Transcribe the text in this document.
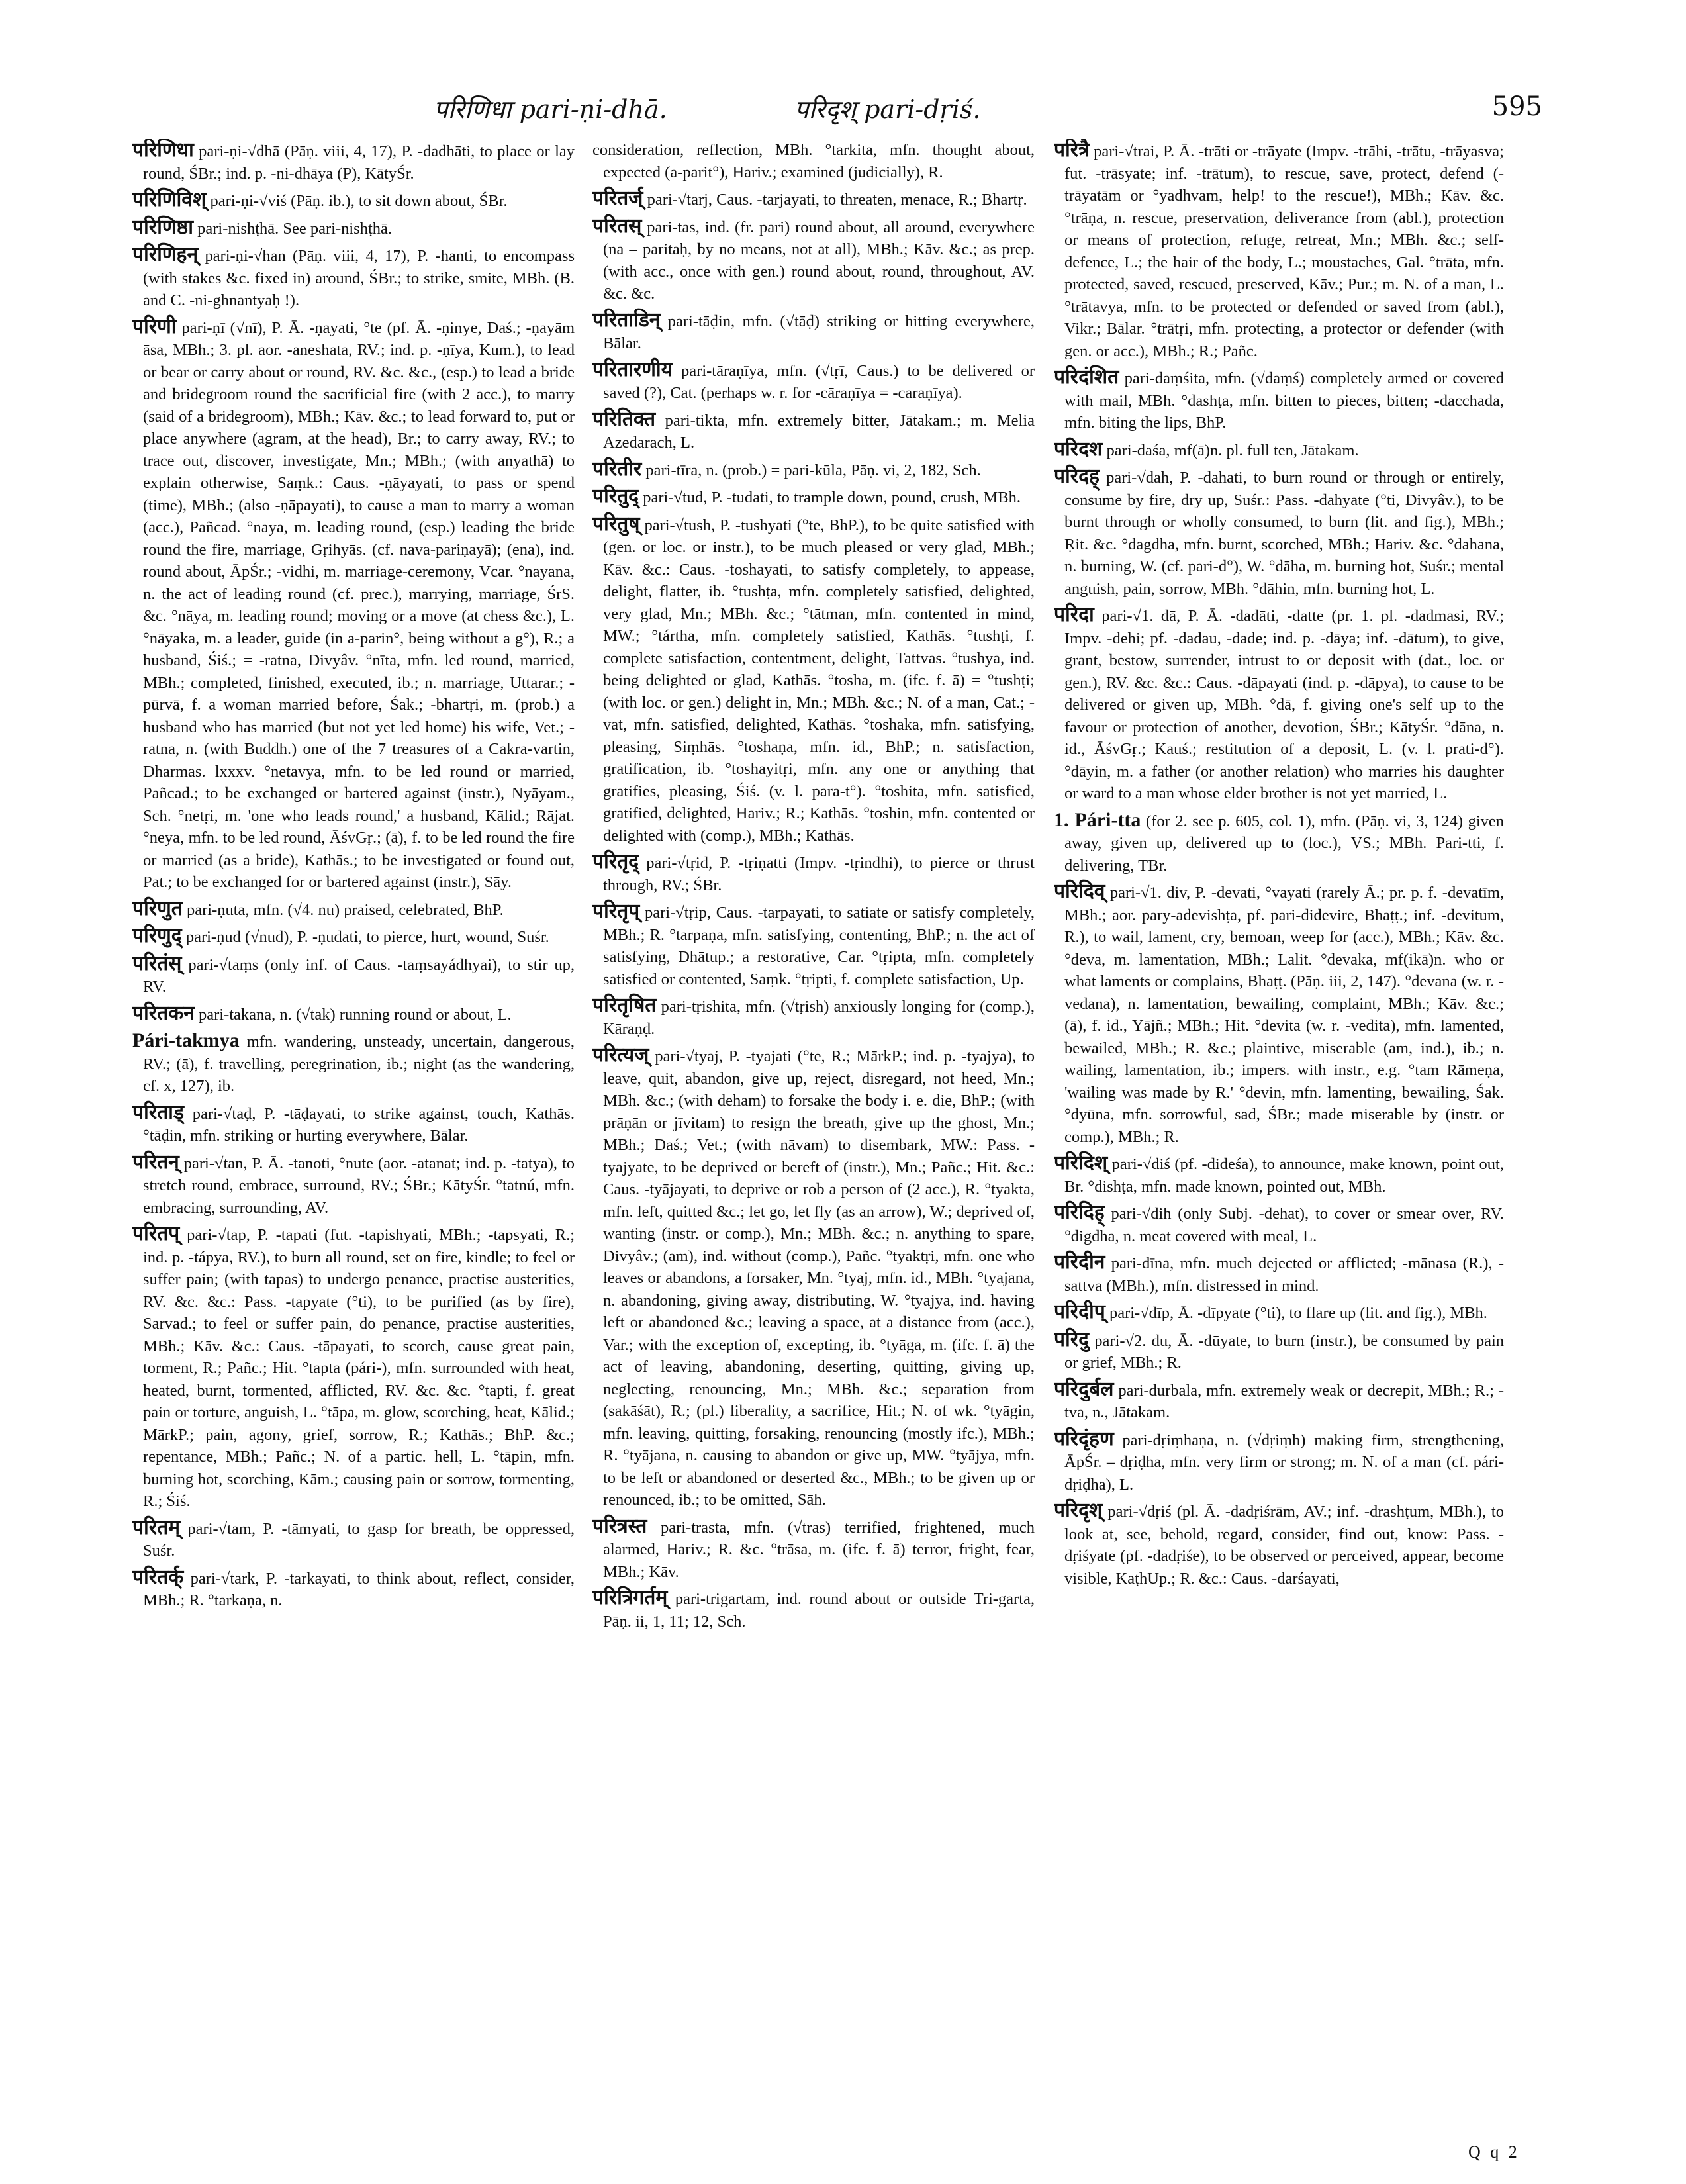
परिणिधा pari-ṇi-dhā.	परिदृश् pari-dṛiś.	595

परिणिधा pari-ṇi-√dhā (Pāṇ. viii, 4, 17), P. -dadhāti, to place or lay round, ŚBr.; ind. p. -ni-dhāya (P), KātyŚr.

परिणिविश् pari-ṇi-√viś (Pāṇ. ib.), to sit down about, ŚBr.

परिणिष्ठा pari-nishṭhā. See pari-nishṭhā.

परिणिहन् pari-ṇi-√han (Pāṇ. viii, 4, 17), P. -hanti, to encompass (with stakes &c. fixed in) around, ŚBr.; to strike, smite, MBh. (B. and C. -ni-ghnantyaḥ !).

परिणी pari-ṇī (√nī), P. Ā. -ṇayati, °te (pf. Ā. -ṇinye, Daś.; -ṇayām āsa, MBh.; 3. pl. aor. -aneshata, RV.; ind. p. -ṇīya, Kum.), to lead or bear or carry about or round, RV. &c. &c., (esp.) to lead a bride and bridegroom round the sacrificial fire (with 2 acc.), to marry (said of a bridegroom), MBh.; Kāv. &c.; to lead forward to, put or place anywhere (agram, at the head), Br.; to carry away, RV.; to trace out, discover, investigate, Mn.; MBh.; (with anyathā) to explain otherwise, Saṃk.: Caus. -ṇāyayati, to pass or spend (time), MBh.; (also -ṇāpayati), to cause a man to marry a woman (acc.), Pañcad. °naya, m. leading round, (esp.) leading the bride round the fire, marriage, Gṛihyās. (cf. nava-pariṇayā); (ena), ind. round about, ĀpŚr.; -vidhi, m. marriage-ceremony, Vcar. °nayana, n. the act of leading round (cf. prec.), marrying, marriage, ŚrS. &c. °nāya, m. leading round; moving or a move (at chess &c.), L. °nāyaka, m. a leader, guide (in a-parin°, being without a g°), R.; a husband, Śiś.; = -ratna, Divyâv. °nīta, mfn. led round, married, MBh.; completed, finished, executed, ib.; n. marriage, Uttarar.; -pūrvā, f. a woman married before, Śak.; -bhartṛi, m. (prob.) a husband who has married (but not yet led home) his wife, Vet.; -ratna, n. (with Buddh.) one of the 7 treasures of a Cakra-vartin, Dharmas. lxxxv. °netavya, mfn. to be led round or married, Pañcad.; to be exchanged or bartered against (instr.), Nyāyam., Sch. °netṛi, m. 'one who leads round,' a husband, Kālid.; Rājat. °neya, mfn. to be led round, ĀśvGṛ.; (ā), f. to be led round the fire or married (as a bride), Kathās.; to be investigated or found out, Pat.; to be exchanged for or bartered against (instr.), Sāy.

परिणुत pari-ṇuta, mfn. (√4. nu) praised, celebrated, BhP.

परिणुद् pari-ṇud (√nud), P. -ṇudati, to pierce, hurt, wound, Suśr.

परितंस् pari-√taṃs (only inf. of Caus. -taṃsayádhyai), to stir up, RV.

परितकन pari-takana, n. (√tak) running round or about, L.

Pári-takmya mfn. wandering, unsteady, uncertain, dangerous, RV.; (ā), f. travelling, peregrination, ib.; night (as the wandering, cf. x, 127), ib.

परिताड् pari-√taḍ, P. -tāḍayati, to strike against, touch, Kathās. °tāḍin, mfn. striking or hurting everywhere, Bālar.

परितन् pari-√tan, P. Ā. -tanoti, °nute (aor. -atanat; ind. p. -tatya), to stretch round, embrace, surround, RV.; ŚBr.; KātyŚr. °tatnú, mfn. embracing, surrounding, AV.

परितप् pari-√tap, P. -tapati (fut. -tapishyati, MBh.; -tapsyati, R.; ind. p. -tápya, RV.), to burn all round, set on fire, kindle; to feel or suffer pain; (with tapas) to undergo penance, practise austerities, RV. &c. &c.: Pass. -tapyate (°ti), to be purified (as by fire), Sarvad.; to feel or suffer pain, do penance, practise austerities, MBh.; Kāv. &c.: Caus. -tāpayati, to scorch, cause great pain, torment, R.; Pañc.; Hit. °tapta (pári-), mfn. surrounded with heat, heated, burnt, tormented, afflicted, RV. &c. &c. °tapti, f. great pain or torture, anguish, L. °tāpa, m. glow, scorching, heat, Kālid.; MārkP.; pain, agony, grief, sorrow, R.; Kathās.; BhP. &c.; repentance, MBh.; Pañc.; N. of a partic. hell, L. °tāpin, mfn. burning hot, scorching, Kām.; causing pain or sorrow, tormenting, R.; Śiś.

परितम् pari-√tam, P. -tāmyati, to gasp for breath, be oppressed, Suśr.

परितर्क् pari-√tark, P. -tarkayati, to think about, reflect, consider, MBh.; R. °tarkaṇa, n.

consideration, reflection, MBh. °tarkita, mfn. thought about, expected (a-parit°), Hariv.; examined (judicially), R.

परितर्ज् pari-√tarj, Caus. -tarjayati, to threaten, menace, R.; Bhartṛ.

परितस् pari-tas, ind. (fr. pari) round about, all around, everywhere (na – paritaḥ, by no means, not at all), MBh.; Kāv. &c.; as prep. (with acc., once with gen.) round about, round, throughout, AV. &c. &c.

परिताडिन् pari-tāḍin, mfn. (√tāḍ) striking or hitting everywhere, Bālar.

परितारणीय pari-tāraṇīya, mfn. (√tṛī, Caus.) to be delivered or saved (?), Cat. (perhaps w. r. for -cāraṇīya = -caraṇīya).

परितिक्त pari-tikta, mfn. extremely bitter, Jātakam.; m. Melia Azedarach, L.

परितीर pari-tīra, n. (prob.) = pari-kūla, Pāṇ. vi, 2, 182, Sch.

परितुद् pari-√tud, P. -tudati, to trample down, pound, crush, MBh.

परितुष् pari-√tush, P. -tushyati (°te, BhP.), to be quite satisfied with (gen. or loc. or instr.), to be much pleased or very glad, MBh.; Kāv. &c.: Caus. -toshayati, to satisfy completely, to appease, delight, flatter, ib. °tushṭa, mfn. completely satisfied, delighted, very glad, Mn.; MBh. &c.; °tātman, mfn. contented in mind, MW.; °tártha, mfn. completely satisfied, Kathās. °tushṭi, f. complete satisfaction, contentment, delight, Tattvas. °tushya, ind. being delighted or glad, Kathās. °tosha, m. (ifc. f. ā) = °tushṭi; (with loc. or gen.) delight in, Mn.; MBh. &c.; N. of a man, Cat.; -vat, mfn. satisfied, delighted, Kathās. °toshaka, mfn. satisfying, pleasing, Siṃhās. °toshaṇa, mfn. id., BhP.; n. satisfaction, gratification, ib. °toshayitṛi, mfn. any one or anything that gratifies, pleasing, Śiś. (v. l. para-t°). °toshita, mfn. satisfied, gratified, delighted, Hariv.; R.; Kathās. °toshin, mfn. contented or delighted with (comp.), MBh.; Kathās.

परितृद् pari-√tṛid, P. -tṛiṇatti (Impv. -tṛindhi), to pierce or thrust through, RV.; ŚBr.

परितृप् pari-√tṛip, Caus. -tarpayati, to satiate or satisfy completely, MBh.; R. °tarpaṇa, mfn. satisfying, contenting, BhP.; n. the act of satisfying, Dhātup.; a restorative, Car. °tṛipta, mfn. completely satisfied or contented, Saṃk. °tṛipti, f. complete satisfaction, Up.

परितृषित pari-tṛishita, mfn. (√tṛish) anxiously longing for (comp.), Kāraṇḍ.

परित्यज् pari-√tyaj, P. -tyajati (°te, R.; MārkP.; ind. p. -tyajya), to leave, quit, abandon, give up, reject, disregard, not heed, Mn.; MBh. &c.; (with deham) to forsake the body i. e. die, BhP.; (with prāṇān or jīvitam) to resign the breath, give up the ghost, Mn.; MBh.; Daś.; Vet.; (with nāvam) to disembark, MW.: Pass. -tyajyate, to be deprived or bereft of (instr.), Mn.; Pañc.; Hit. &c.: Caus. -tyājayati, to deprive or rob a person of (2 acc.), R. °tyakta, mfn. left, quitted &c.; let go, let fly (as an arrow), W.; deprived of, wanting (instr. or comp.), Mn.; MBh. &c.; n. anything to spare, Divyâv.; (am), ind. without (comp.), Pañc. °tyaktṛi, mfn. one who leaves or abandons, a forsaker, Mn. °tyaj, mfn. id., MBh. °tyajana, n. abandoning, giving away, distributing, W. °tyajya, ind. having left or abandoned &c.; leaving a space, at a distance from (acc.), Var.; with the exception of, excepting, ib. °tyāga, m. (ifc. f. ā) the act of leaving, abandoning, deserting, quitting, giving up, neglecting, renouncing, Mn.; MBh. &c.; separation from (sakāśāt), R.; (pl.) liberality, a sacrifice, Hit.; N. of wk. °tyāgin, mfn. leaving, quitting, forsaking, renouncing (mostly ifc.), MBh.; R. °tyājana, n. causing to abandon or give up, MW. °tyājya, mfn. to be left or abandoned or deserted &c., MBh.; to be given up or renounced, ib.; to be omitted, Sāh.

परित्रस्त pari-trasta, mfn. (√tras) terrified, frightened, much alarmed, Hariv.; R. &c. °trāsa, m. (ifc. f. ā) terror, fright, fear, MBh.; Kāv.

परित्रिगर्तम् pari-trigartam, ind. round about or outside Tri-garta, Pāṇ. ii, 1, 11; 12, Sch.

परित्रै pari-√trai, P. Ā. -trāti or -trāyate (Impv. -trāhi, -trātu, -trāyasva; fut. -trāsyate; inf. -trātum), to rescue, save, protect, defend (-trāyatām or °yadhvam, help! to the rescue!), MBh.; Kāv. &c. °trāṇa, n. rescue, preservation, deliverance from (abl.), protection or means of protection, refuge, retreat, Mn.; MBh. &c.; self-defence, L.; the hair of the body, L.; moustaches, Gal. °trāta, mfn. protected, saved, rescued, preserved, Kāv.; Pur.; m. N. of a man, L. °trātavya, mfn. to be protected or defended or saved from (abl.), Vikr.; Bālar. °trātṛi, mfn. protecting, a protector or defender (with gen. or acc.), MBh.; R.; Pañc.

परिदंशित pari-daṃśita, mfn. (√daṃś) completely armed or covered with mail, MBh. °dashṭa, mfn. bitten to pieces, bitten; -dacchada, mfn. biting the lips, BhP.

परिदश pari-daśa, mf(ā)n. pl. full ten, Jātakam.

परिदह् pari-√dah, P. -dahati, to burn round or through or entirely, consume by fire, dry up, Suśr.: Pass. -dahyate (°ti, Divyâv.), to be burnt through or wholly consumed, to burn (lit. and fig.), MBh.; Ṛit. &c. °dagdha, mfn. burnt, scorched, MBh.; Hariv. &c. °dahana, n. burning, W. (cf. pari-d°), W. °dāha, m. burning hot, Suśr.; mental anguish, pain, sorrow, MBh. °dāhin, mfn. burning hot, L.

परिदा pari-√1. dā, P. Ā. -dadāti, -datte (pr. 1. pl. -dadmasi, RV.; Impv. -dehi; pf. -dadau, -dade; ind. p. -dāya; inf. -dātum), to give, grant, bestow, surrender, intrust to or deposit with (dat., loc. or gen.), RV. &c. &c.: Caus. -dāpayati (ind. p. -dāpya), to cause to be delivered or given up, MBh. °dā, f. giving one's self up to the favour or protection of another, devotion, ŚBr.; KātyŚr. °dāna, n. id., ĀśvGṛ.; Kauś.; restitution of a deposit, L. (v. l. prati-d°). °dāyin, m. a father (or another relation) who marries his daughter or ward to a man whose elder brother is not yet married, L.

1. Pári-tta (for 2. see p. 605, col. 1), mfn. (Pāṇ. vi, 3, 124) given away, given up, delivered up to (loc.), VS.; MBh. Pari-tti, f. delivering, TBr.

परिदिव् pari-√1. div, P. -devati, °vayati (rarely Ā.; pr. p. f. -devatīm, MBh.; aor. pary-adevishṭa, pf. pari-didevire, Bhaṭṭ.; inf. -devitum, R.), to wail, lament, cry, bemoan, weep for (acc.), MBh.; Kāv. &c. °deva, m. lamentation, MBh.; Lalit. °devaka, mf(ikā)n. who or what laments or complains, Bhaṭṭ. (Pāṇ. iii, 2, 147). °devana (w. r. -vedana), n. lamentation, bewailing, complaint, MBh.; Kāv. &c.; (ā), f. id., Yājñ.; MBh.; Hit. °devita (w. r. -vedita), mfn. lamented, bewailed, MBh.; R. &c.; plaintive, miserable (am, ind.), ib.; n. wailing, lamentation, ib.; impers. with instr., e.g. °tam Rāmeṇa, 'wailing was made by R.' °devin, mfn. lamenting, bewailing, Śak. °dyūna, mfn. sorrowful, sad, ŚBr.; made miserable by (instr. or comp.), MBh.; R.

परिदिश् pari-√diś (pf. -dideśa), to announce, make known, point out, Br. °dishṭa, mfn. made known, pointed out, MBh.

परिदिह् pari-√dih (only Subj. -dehat), to cover or smear over, RV. °digdha, n. meat covered with meal, L.

परिदीन pari-dīna, mfn. much dejected or afflicted; -mānasa (R.), -sattva (MBh.), mfn. distressed in mind.

परिदीप् pari-√dīp, Ā. -dīpyate (°ti), to flare up (lit. and fig.), MBh.

परिदु pari-√2. du, Ā. -dūyate, to burn (instr.), be consumed by pain or grief, MBh.; R.

परिदुर्बल pari-durbala, mfn. extremely weak or decrepit, MBh.; R.; -tva, n., Jātakam.

परिदृंहण pari-dṛiṃhaṇa, n. (√dṛiṃh) making firm, strengthening, ĀpŚr. – dṛiḍha, mfn. very firm or strong; m. N. of a man (cf. pári-dṛiḍha), L.

परिदृश् pari-√dṛiś (pl. Ā. -dadṛiśrām, AV.; inf. -drashṭum, MBh.), to look at, see, behold, regard, consider, find out, know: Pass. -dṛiśyate (pf. -dadṛiśe), to be observed or perceived, appear, become visible, KaṭhUp.; R. &c.: Caus. -darśayati,

Q q 2
